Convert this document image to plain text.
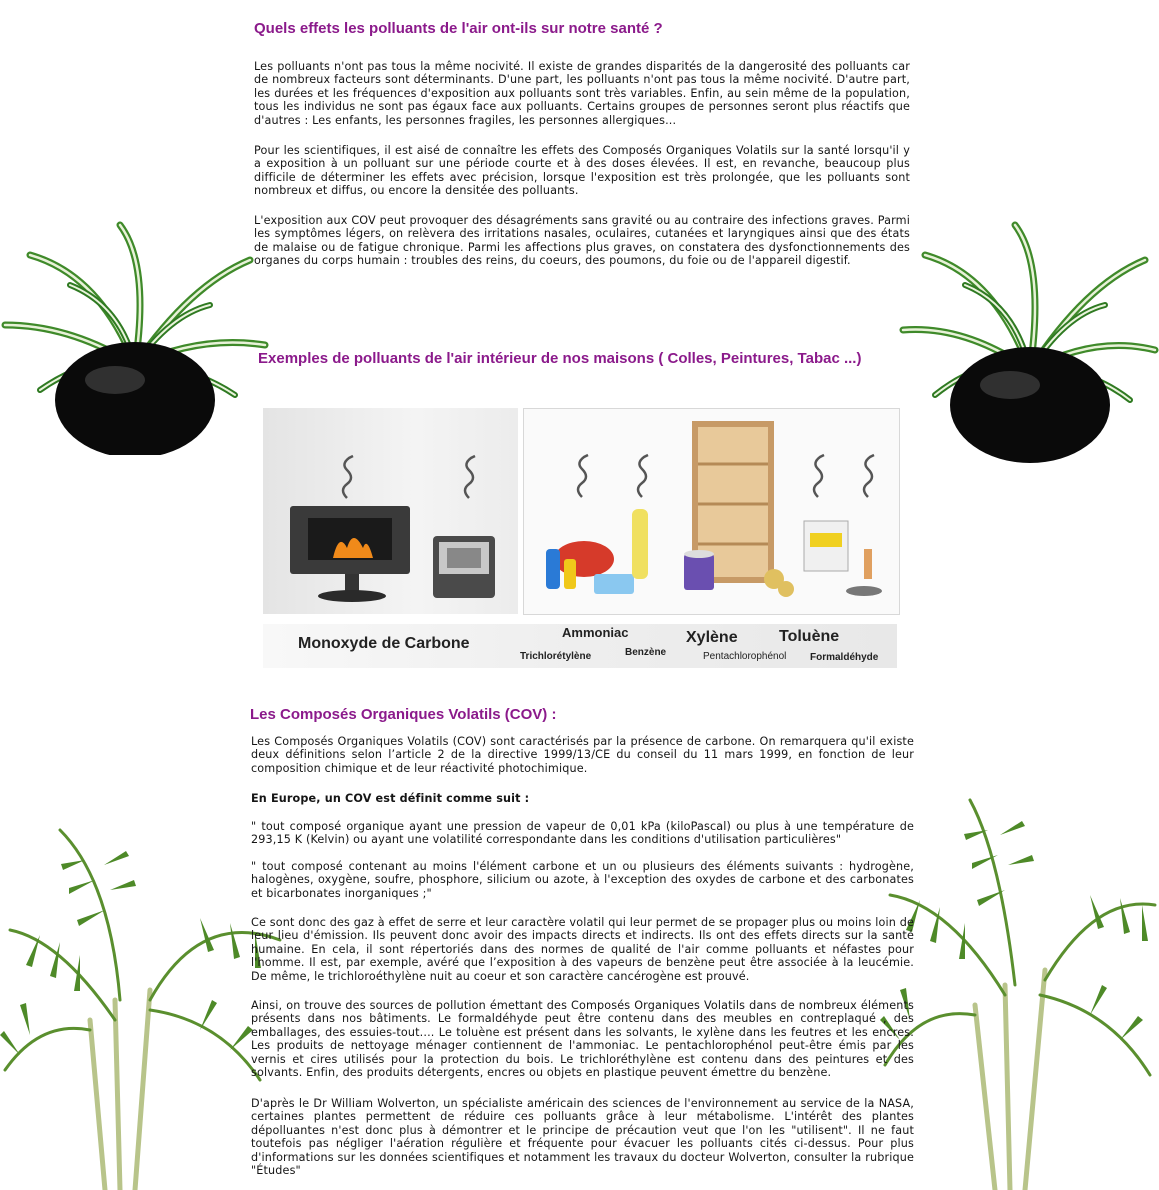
Quels effets les polluants de l'air ont-ils sur notre santé ?

Les polluants n'ont pas tous la même nocivité. Il existe de grandes disparités de la dangerosité des polluants car de nombreux facteurs sont déterminants. D'une part, les polluants n'ont pas tous la même nocivité. D'autre part, les durées et les fréquences d'exposition aux polluants sont très variables. Enfin, au sein même de la population, tous les individus ne sont pas égaux face aux polluants. Certains groupes de personnes seront plus réactifs que d'autres : Les enfants, les personnes fragiles, les personnes allergiques...

Pour les scientifiques, il est aisé de connaître les effets des Composés Organiques Volatils sur la santé lorsqu'il y a exposition à un polluant sur une période courte et à des doses élevées. Il est, en revanche, beaucoup plus difficile de déterminer les effets avec précision, lorsque l'exposition est très prolongée, que les polluants sont nombreux et diffus, ou encore la densitée des polluants.

L'exposition aux COV peut provoquer des désagréments sans gravité ou au contraire des infections graves. Parmi les symptômes légers, on relèvera des irritations nasales, oculaires, cutanées et laryngiques ainsi que des états de malaise ou de fatigue chronique. Parmi les affections plus graves, on constatera des dysfonctionnements des organes du corps humain : troubles des reins, du coeurs, des poumons, du foie ou de l'appareil digestif.

Exemples de polluants de l'air intérieur de nos maisons ( Colles, Peintures, Tabac ...)

Monoxyde de Carbone

Ammoniac

Trichlorétylène	Benzène

Xylène

Pentachlorophénol

Toluène

Formaldéhyde

Les Composés Organiques Volatils (COV) :

Les Composés Organiques Volatils (COV) sont caractérisés par la présence de carbone. On remarquera qu'il existe deux définitions selon l’article 2 de la directive 1999/13/CE du conseil du 11 mars 1999, en fonction de leur composition chimique et de leur réactivité photochimique.

En Europe, un COV est définit comme suit :

" tout composé organique ayant une pression de vapeur de 0,01 kPa (kiloPascal) ou plus à une température de 293,15 K (Kelvin) ou ayant une volatilité correspondante dans les conditions d'utilisation particulières"

" tout composé contenant au moins l'élément carbone et un ou plusieurs des éléments suivants : hydrogène, halogènes, oxygène, soufre, phosphore, silicium ou azote, à l'exception des oxydes de carbone et des carbonates et bicarbonates inorganiques ;"

Ce sont donc des gaz à effet de serre et leur caractère volatil qui leur permet de se propager plus ou moins loin de leur lieu d'émission. Ils peuvent donc avoir des impacts directs et indirects. Ils ont des effets directs sur la santé humaine. En cela, il sont répertoriés dans des normes de qualité de l'air comme polluants et néfastes pour l'homme. Il est, par exemple, avéré que l’exposition à des vapeurs de benzène peut être associée à la leucémie. De même, le trichloroéthylène nuit au coeur et son caractère cancérogène est prouvé.

Ainsi, on trouve des sources de pollution émettant des Composés Organiques Volatils dans de nombreux éléments présents dans nos bâtiments. Le formaldéhyde peut être contenu dans des meubles en contreplaqué , des emballages, des essuies-tout.... Le toluène est présent dans les solvants, le xylène dans les feutres et les encres. Les produits de nettoyage ménager contiennent de l'ammoniac. Le pentachlorophénol peut-être émis par les vernis et cires utilisés pour la protection du bois. Le trichloréthylène est contenu dans des peintures et des solvants. Enfin, des produits détergents, encres ou objets en plastique peuvent émettre du benzène.

D'après le Dr William Wolverton, un spécialiste américain des sciences de l'environnement au service de la NASA, certaines plantes permettent de réduire ces polluants grâce à leur métabolisme. L'intérêt des plantes dépolluantes n'est donc plus à démontrer et le principe de précaution veut que l'on les "utilisent". Il ne faut toutefois pas négliger l'aération régulière et fréquente pour évacuer les polluants cités ci-dessus. Pour plus d'informations sur les données scientifiques et notamment les travaux du docteur Wolverton, consulter la rubrique "Études"
